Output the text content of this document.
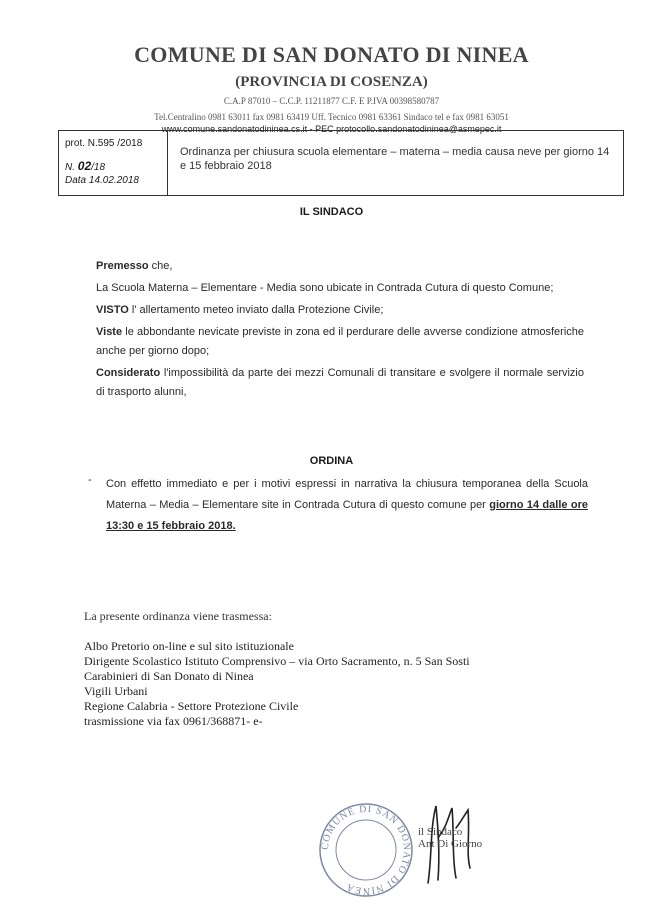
COMUNE DI SAN DONATO DI NINEA
(PROVINCIA DI COSENZA)
C.A.P 87010 – C.C.P. 11211877 C.F. E P.IVA 00398580787
Tel.Centralino 0981 63011 fax 0981 63419 Uff. Tecnico 0981 63361 Sindaco tel e fax 0981 63051
www.comune.sandonatodininea.cs.it - PEC protocollo.sandonatodininea@asmepec.it
prot. N.595 /2018
N. 02/18
Data 14.02.2018
Ordinanza per chiusura scuola elementare – materna – media causa neve per giorno 14 e 15 febbraio 2018
IL SINDACO

Premesso che,

La Scuola Materna – Elementare - Media sono ubicate in Contrada Cutura di questo Comune;

VISTO l' allertamento meteo inviato dalla Protezione Civile;

Viste le abbondante nevicate previste in zona ed il perdurare delle avverse condizione atmosferiche anche per giorno dopo;

Considerato l'impossibilità da parte dei mezzi Comunali di transitare e svolgere il normale servizio di trasporto alunni,

ORDINA
- Con effetto immediato e per i motivi espressi in narrativa la chiusura temporanea della Scuola Materna – Media – Elementare site in Contrada Cutura di questo comune per giorno 14 dalle ore 13:30 e 15 febbraio 2018.
La presente ordinanza viene trasmessa:
Albo Pretorio on-line e sul sito istituzionale
Dirigente Scolastico Istituto Comprensivo – via Orto Sacramento, n. 5 San Sosti
Carabinieri di San Donato di Ninea
Vigili Urbani
Regione Calabria - Settore Protezione Civile
trasmissione via fax 0961/368871- e-
COMUNE DI SAN DONATO DI NINEA
il Sindaco
Ant Di Giorno
